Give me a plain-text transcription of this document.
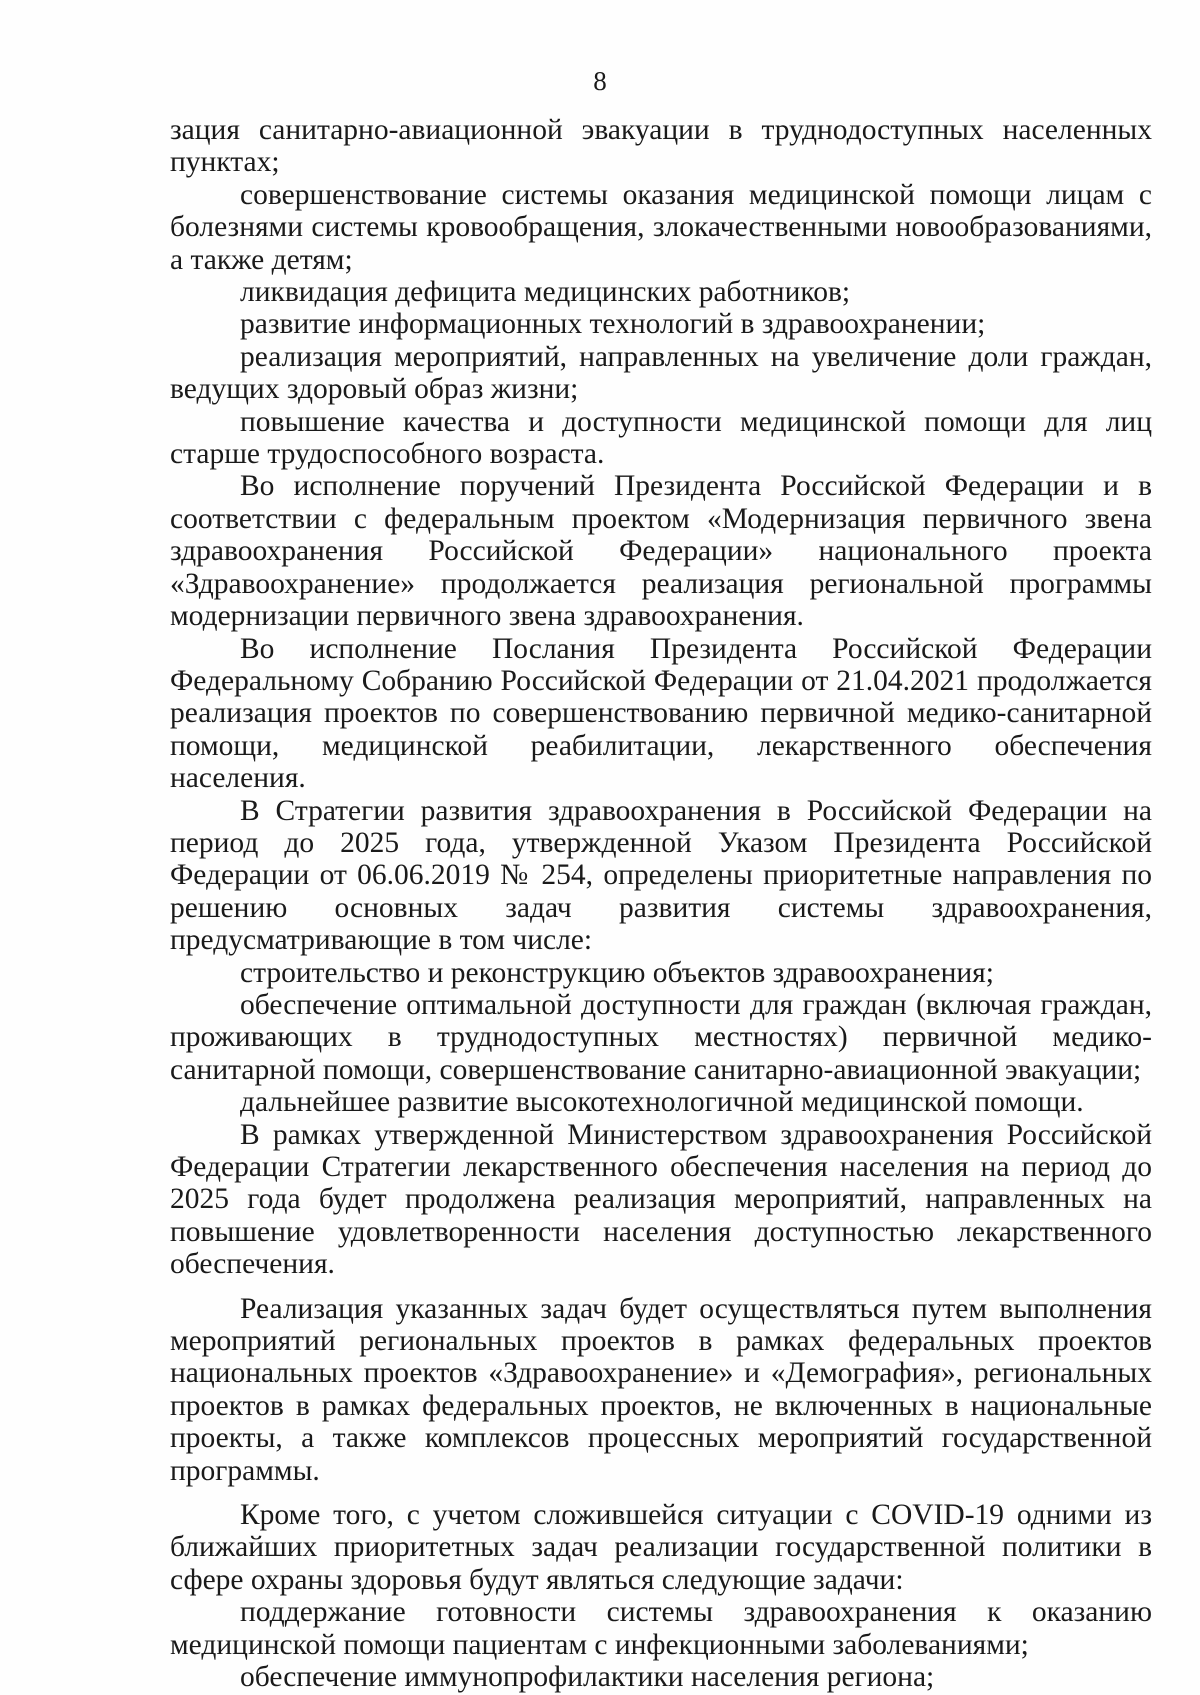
8

зация санитарно-авиационной эвакуации в труднодоступных населенных пунктах;

совершенствование системы оказания медицинской помощи лицам с болезнями системы кровообращения, злокачественными новообразованиями, а также детям;

ликвидация дефицита медицинских работников;

развитие информационных технологий в здравоохранении;

реализация мероприятий, направленных на увеличение доли граждан, ведущих здоровый образ жизни;

повышение качества и доступности медицинской помощи для лиц старше трудоспособного возраста.

Во исполнение поручений Президента Российской Федерации и в соответствии с федеральным проектом «Модернизация первичного звена здравоохранения Российской Федерации» национального проекта «Здравоохранение» продолжается реализация региональной программы модернизации первичного звена здравоохранения.

Во исполнение Послания Президента Российской Федерации Федеральному Собранию Российской Федерации от 21.04.2021 продолжается реализация проектов по совершенствованию первичной медико-санитарной помощи, медицинской реабилитации, лекарственного обеспечения населения.

В Стратегии развития здравоохранения в Российской Федерации на период до 2025 года, утвержденной Указом Президента Российской Федерации от 06.06.2019 № 254, определены приоритетные направления по решению основных задач развития системы здравоохранения, предусматривающие в том числе:

строительство и реконструкцию объектов здравоохранения;

обеспечение оптимальной доступности для граждан (включая граждан, проживающих в труднодоступных местностях) первичной медико-санитарной помощи, совершенствование санитарно-авиационной эвакуации;

дальнейшее развитие высокотехнологичной медицинской помощи.

В рамках утвержденной Министерством здравоохранения Российской Федерации Стратегии лекарственного обеспечения населения на период до 2025 года будет продолжена реализация мероприятий, направленных на повышение удовлетворенности населения доступностью лекарственного обеспечения.

Реализация указанных задач будет осуществляться путем выполнения мероприятий региональных проектов в рамках федеральных проектов национальных проектов «Здравоохранение» и «Демография», региональных проектов в рамках федеральных проектов, не включенных в национальные проекты, а также комплексов процессных мероприятий государственной программы.

Кроме того, с учетом сложившейся ситуации с COVID-19 одними из ближайших приоритетных задач реализации государственной политики в сфере охраны здоровья будут являться следующие задачи:

поддержание готовности системы здравоохранения к оказанию медицинской помощи пациентам с инфекционными заболеваниями;

обеспечение иммунопрофилактики населения региона;
